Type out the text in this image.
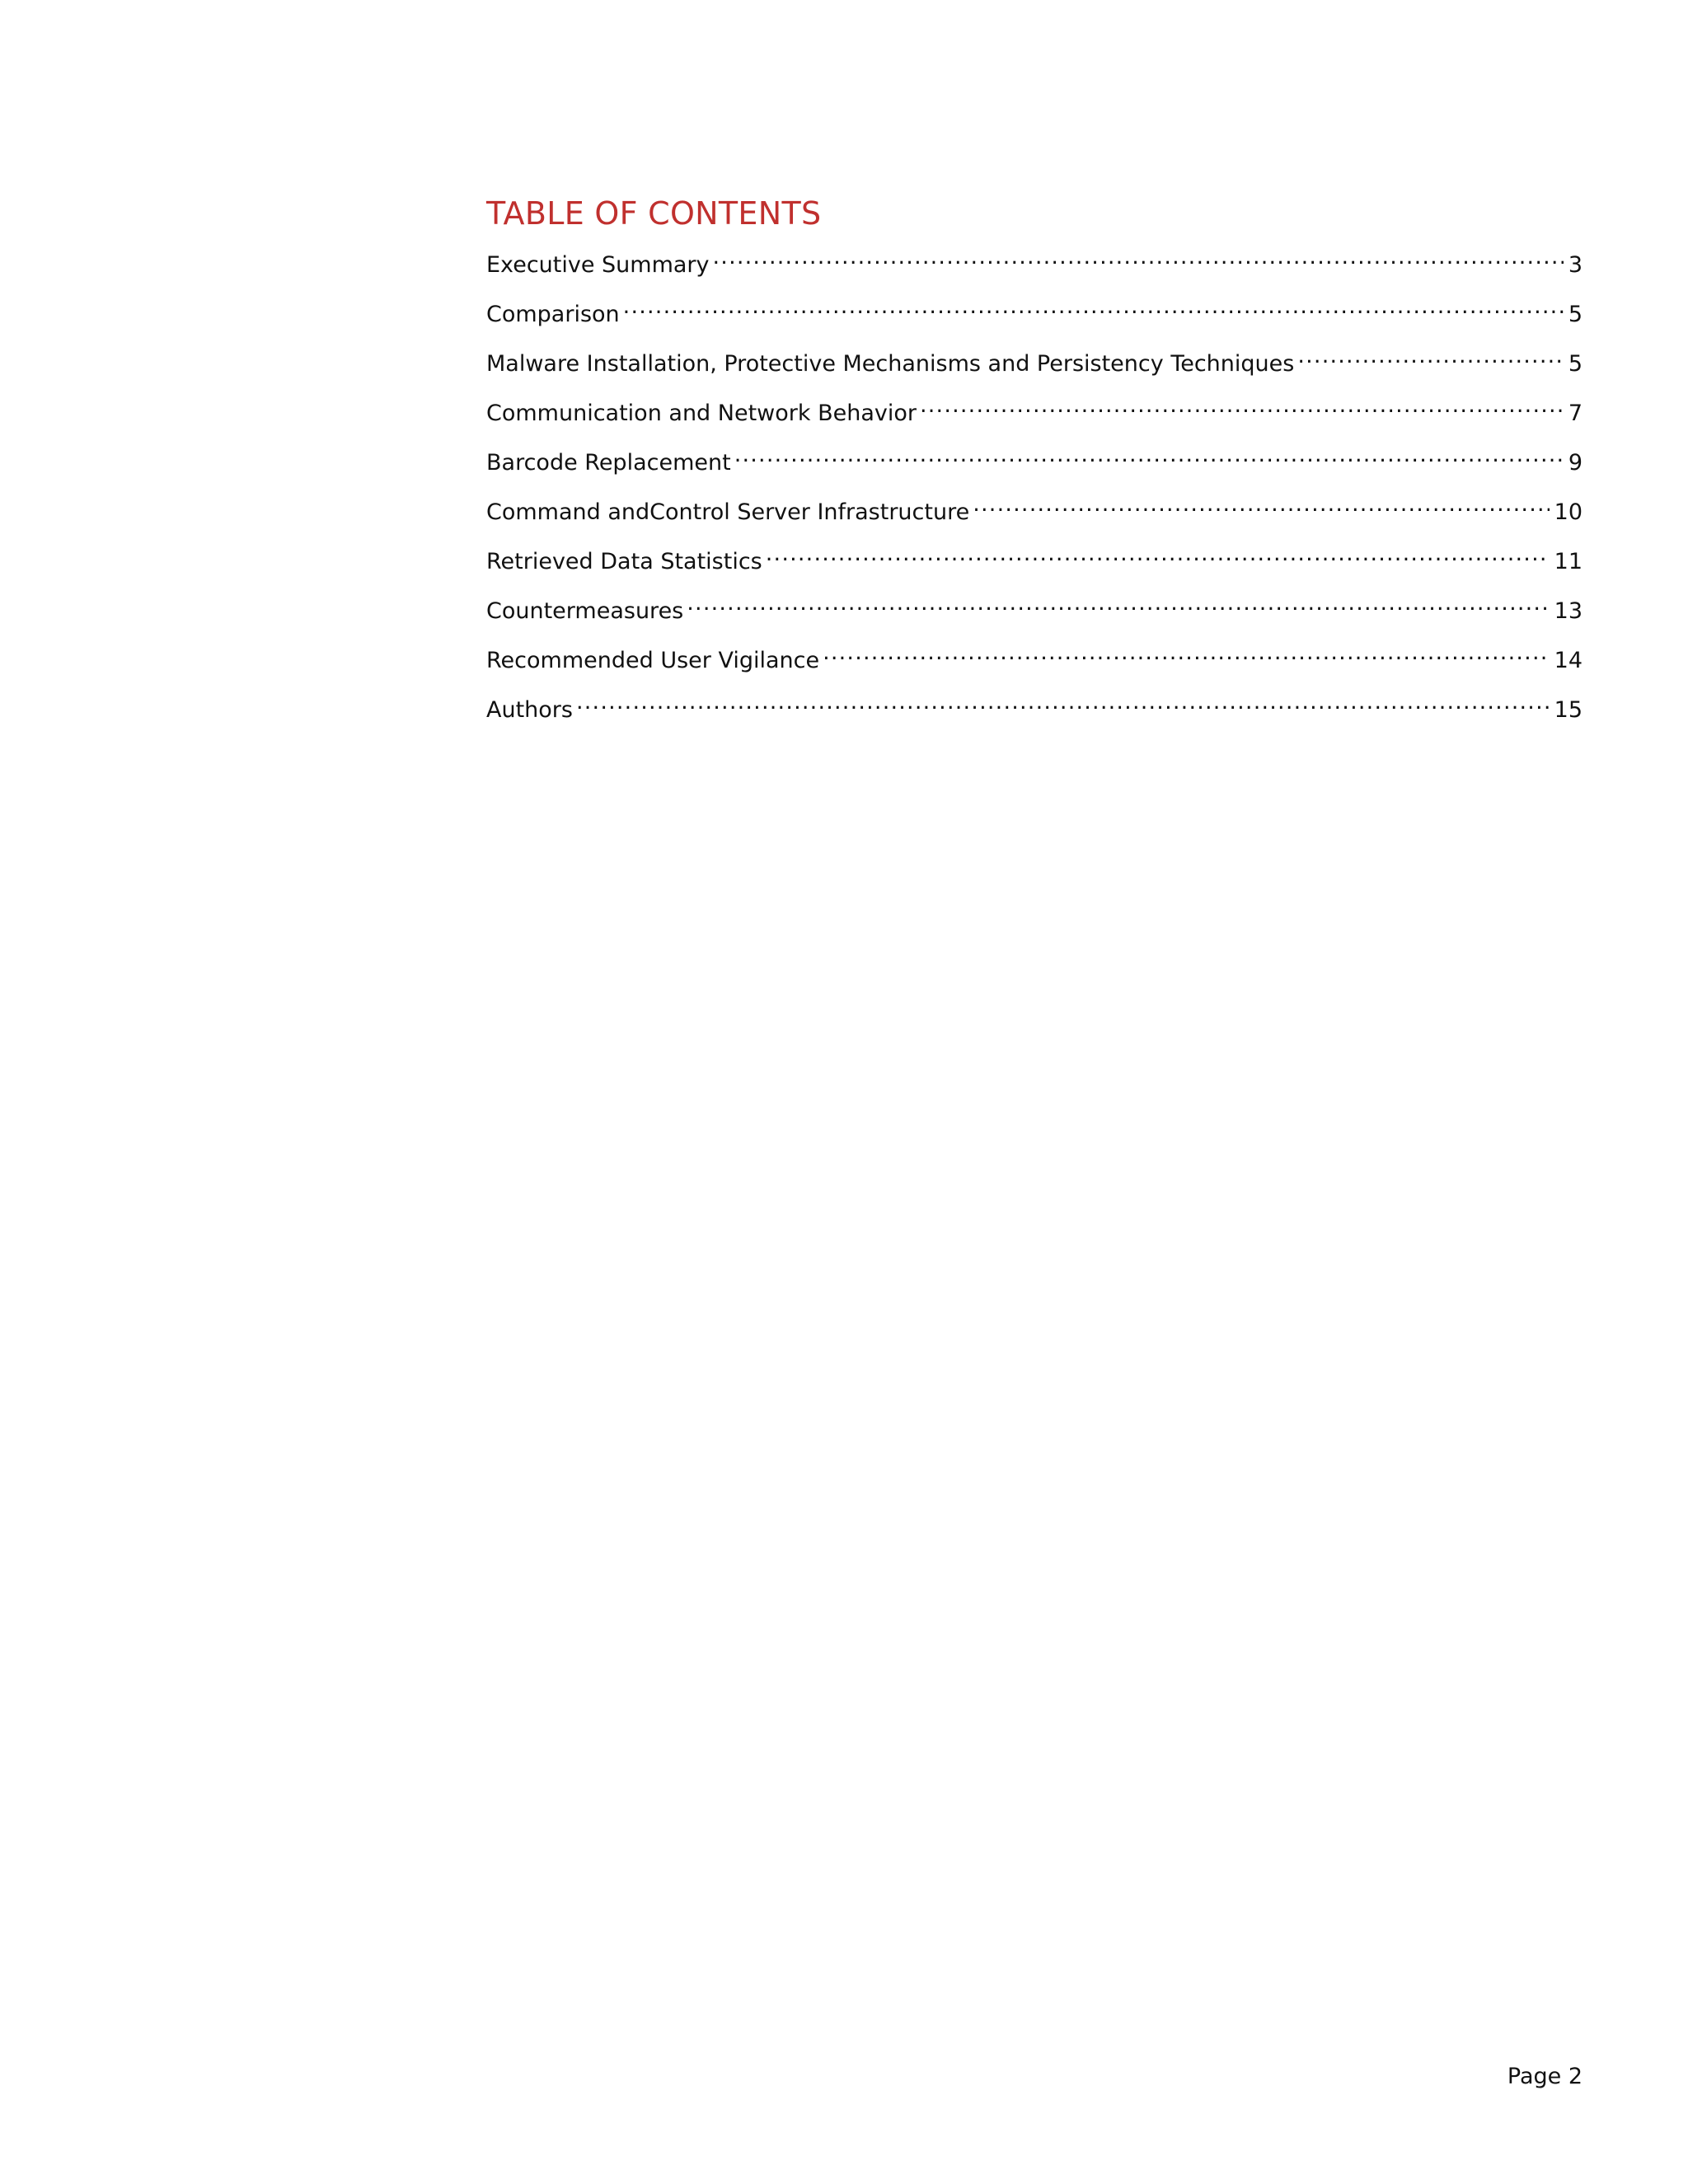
TABLE OF CONTENTS
Executive Summary .....	3
Comparison .....	5
Malware Installation, Protective Mechanisms and Persistency Techniques .....	5
Communication and Network Behavior .....	7
Barcode Replacement .....	9
Command andControl Server Infrastructure .....	10
Retrieved Data Statistics .....	11
Countermeasures .....	13
Recommended User Vigilance .....	14
Authors .....	15
Page 2
